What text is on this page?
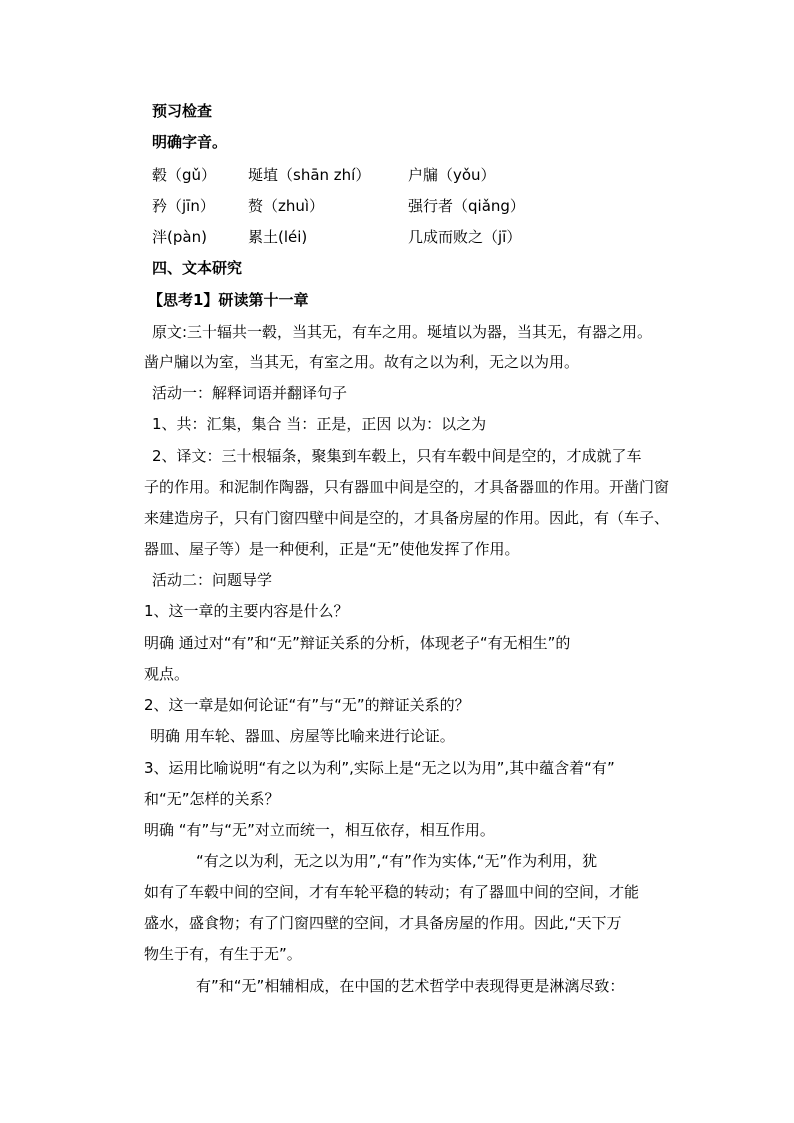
预习检查
明确字音。
毂（gǔ） 埏埴（shān zhí）	户牖（yǒu）
矜（jīn） 赘（zhuì）	强行者（qiǎng）
泮(pàn)	累土(léi)	几成而败之（jī）
四、文本研究
【思考1】研读第十一章
原文:三十辐共一毂，当其无，有车之用。埏埴以为器，当其无，有器之用。
凿户牖以为室，当其无，有室之用。故有之以为利，无之以为用。
活动一：解释词语并翻译句子
1、共：汇集，集合 当：正是，正因 以为：以之为
2、译文：三十根辐条，聚集到车毂上，只有车毂中间是空的，才成就了车
子的作用。和泥制作陶器，只有器皿中间是空的，才具备器皿的作用。开凿门窗
来建造房子，只有门窗四壁中间是空的，才具备房屋的作用。因此，有（车子、
器皿、屋子等）是一种便利，正是“无”使他发挥了作用。
活动二：问题导学
1、这一章的主要内容是什么？
明确 通过对“有”和“无”辩证关系的分析，体现老子“有无相生”的
观点。
2、这一章是如何论证“有”与“无”的辩证关系的？
明确 用车轮、器皿、房屋等比喻来进行论证。
3、运用比喻说明“有之以为利”,实际上是“无之以为用”,其中蕴含着“有”
和“无”怎样的关系？
明确 “有”与“无”对立而统一，相互依存，相互作用。
“有之以为利，无之以为用”,“有”作为实体,“无”作为利用，犹
如有了车毂中间的空间，才有车轮平稳的转动；有了器皿中间的空间，才能
盛水，盛食物；有了门窗四壁的空间，才具备房屋的作用。因此,“天下万
物生于有，有生于无”。
有”和“无”相辅相成，在中国的艺术哲学中表现得更是淋漓尽致：
